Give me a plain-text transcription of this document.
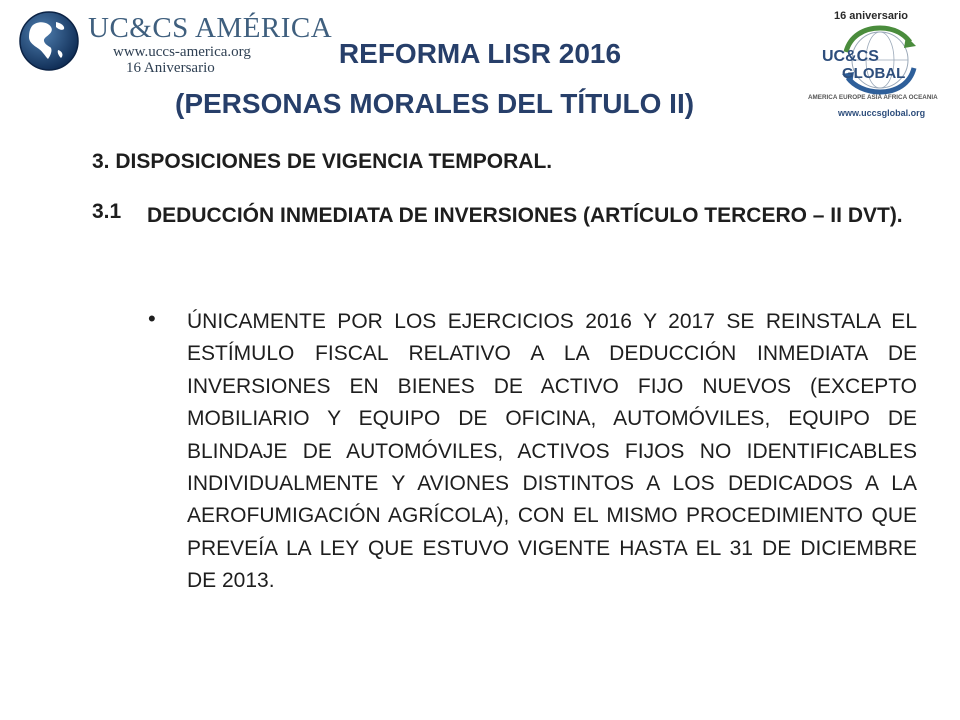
UC&CS AMÉRICA
www.uccs-america.org
16 Aniversario
16 aniversario
UC&CS
GLOBAL
AMERICA EUROPE ASIA AFRICA OCEANIA
www.uccsglobal.org
REFORMA LISR 2016
(PERSONAS MORALES DEL TÍTULO II)
3. DISPOSICIONES DE VIGENCIA TEMPORAL.
3.1 DEDUCCIÓN INMEDIATA DE INVERSIONES (ARTÍCULO TERCERO – II DVT).
• ÚNICAMENTE POR LOS EJERCICIOS 2016 Y 2017 SE REINSTALA EL ESTÍMULO FISCAL RELATIVO A LA DEDUCCIÓN INMEDIATA DE INVERSIONES EN BIENES DE ACTIVO FIJO NUEVOS (EXCEPTO MOBILIARIO Y EQUIPO DE OFICINA, AUTOMÓVILES, EQUIPO DE BLINDAJE DE AUTOMÓVILES, ACTIVOS FIJOS NO IDENTIFICABLES INDIVIDUALMENTE Y AVIONES DISTINTOS A LOS DEDICADOS A LA AEROFUMIGACIÓN AGRÍCOLA), CON EL MISMO PROCEDIMIENTO QUE PREVEÍA LA LEY QUE ESTUVO VIGENTE HASTA EL 31 DE DICIEMBRE DE 2013.
